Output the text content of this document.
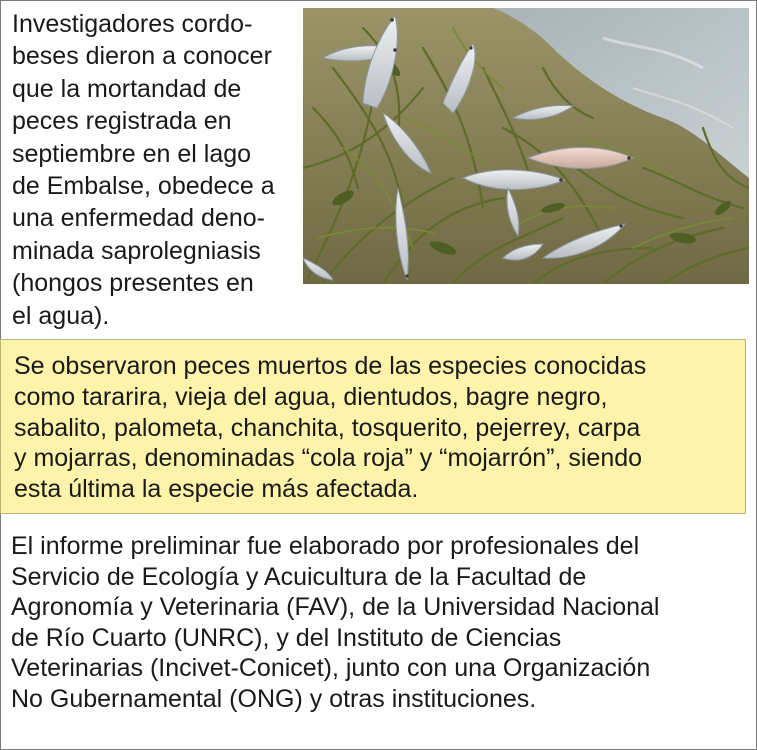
Investigadores cordo-
beses dieron a conocer
que la mortandad de
peces registrada en
septiembre en el lago
de Embalse, obedece a
una enfermedad deno-
minada saprolegniasis
(hongos presentes en
el agua).
Se observaron peces muertos de las especies conocidas
como tararira, vieja del agua, dientudos, bagre negro,
sabalito, palometa, chanchita, tosquerito, pejerrey, carpa
y mojarras, denominadas “cola roja” y “mojarrón”, siendo
esta última la especie más afectada.
El informe preliminar fue elaborado por profesionales del
Servicio de Ecología y Acuicultura de la Facultad de
Agronomía y Veterinaria (FAV), de la Universidad Nacional
de Río Cuarto (UNRC), y del Instituto de Ciencias
Veterinarias (Incivet-Conicet), junto con una Organización
No Gubernamental (ONG) y otras instituciones.
